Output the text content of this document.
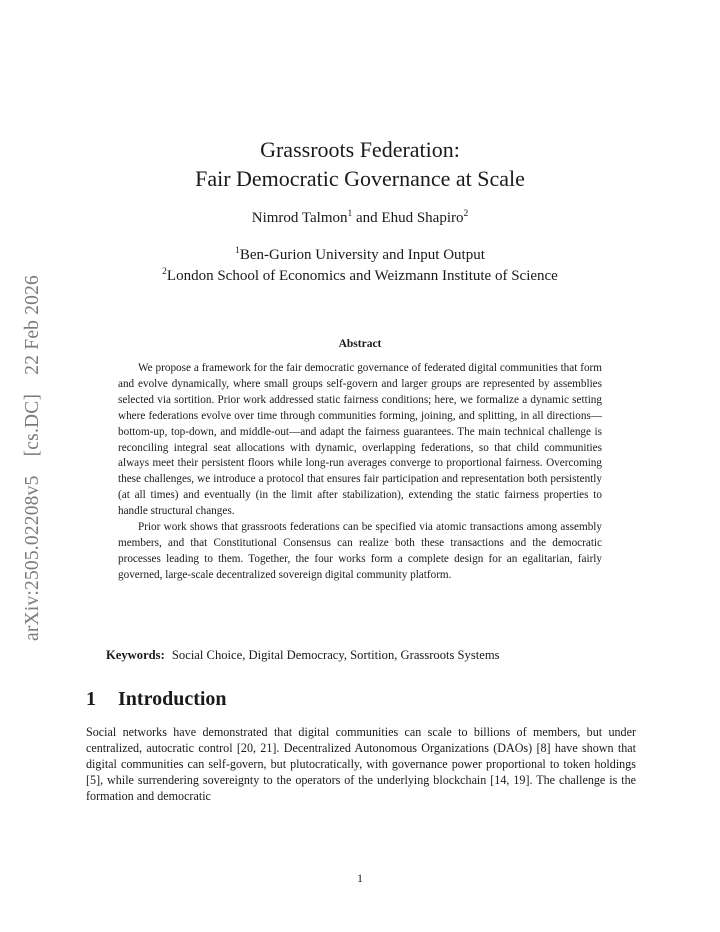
arXiv:2505.02208v5 [cs.DC] 22 Feb 2026
Grassroots Federation:
Fair Democratic Governance at Scale
Nimrod Talmon$^1$ and Ehud Shapiro$^2$
$^1$Ben-Gurion University and Input Output
$^2$London School of Economics and Weizmann Institute of Science
Abstract

We propose a framework for the fair democratic governance of federated digital communities that form and evolve dynamically, where small groups self-govern and larger groups are represented by assemblies selected via sortition. Prior work addressed static fairness conditions; here, we formalize a dynamic setting where federations evolve over time through communities forming, joining, and splitting, in all directions—bottom-up, top-down, and middle-out—and adapt the fairness guarantees. The main technical challenge is reconciling integral seat allocations with dynamic, overlapping federations, so that child communities always meet their persistent floors while long-run averages converge to proportional fairness. Overcoming these challenges, we introduce a protocol that ensures fair participation and representation both persistently (at all times) and eventually (in the limit after stabilization), extending the static fairness properties to handle structural changes.

Prior work shows that grassroots federations can be specified via atomic transactions among assembly members, and that Constitutional Consensus can realize both these transactions and the democratic processes leading to them. Together, the four works form a complete design for an egalitarian, fairly governed, large-scale decentralized sovereign digital community platform.

Keywords: Social Choice, Digital Democracy, Sortition, Grassroots Systems
1 Introduction

Social networks have demonstrated that digital communities can scale to billions of members, but under centralized, autocratic control [20, 21]. Decentralized Autonomous Organizations (DAOs) [8] have shown that digital communities can self-govern, but plutocratically, with governance power proportional to token holdings [5], while surrendering sovereignty to the operators of the underlying blockchain [14, 19]. The challenge is the formation and democratic

1
